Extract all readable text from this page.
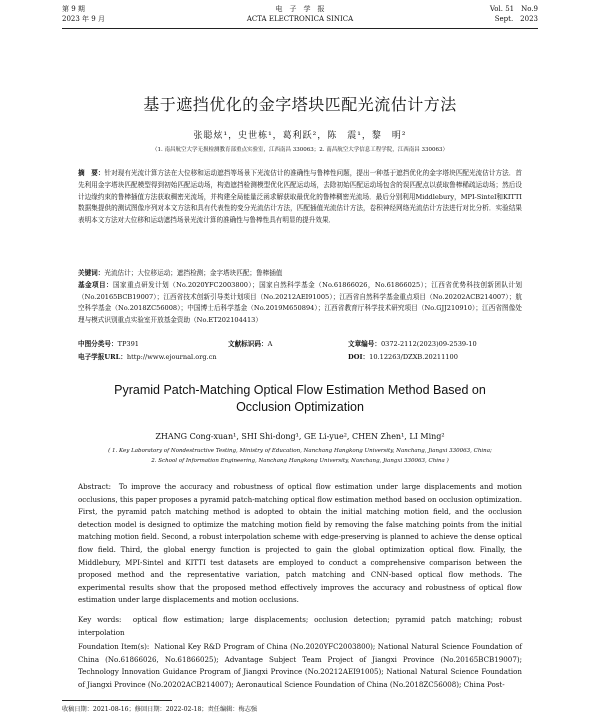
第 9 期
2023 年 9 月
电　子　学　报
ACTA ELECTRONICA SINICA
Vol. 51　No.9
Sept.　2023
基于遮挡优化的金字塔块匹配光流估计方法
张聪炫¹，史世栋¹，葛利跃²，陈　震¹，黎　明²
（1. 南昌航空大学无损检测教育部重点实验室，江西南昌 330063；2. 南昌航空大学信息工程学院，江西南昌 330063）
摘　要：针对现有光流计算方法在大位移和运动遮挡等场景下光流估计的准确性与鲁棒性问题，提出一种基于遮挡优化的金字塔块匹配光流估计方法．首先利用金字塔块匹配模型得到初始匹配运动场，构造遮挡检测模型优化匹配运动场，去除初始匹配运动场包含的误匹配点以获取鲁棒稀疏运动场；然后设计边缘约束的鲁棒插值方法获取稠密光流场，并构建全局能量泛函求解获取最优化的鲁棒稠密光流场．最后分别利用Middlebury，MPI-Sintel和KITTI数据集提供的测试图像序列对本文方法和具有代表性的变分光流估计方法，匹配插值光流估计方法，卷积神经网络光流估计方法进行对比分析．实验结果表明本文方法对大位移和运动遮挡场景光流计算的准确性与鲁棒性具有明显的提升效果．
关键词：光流估计；大位移运动；遮挡检测；金字塔块匹配；鲁棒插值
基金项目：国家重点研发计划（No.2020YFC2003800）；国家自然科学基金（No.61866026，No.61866025）；江西省优势科技创新团队计划（No.20165BCB19007）；江西省技术创新引导类计划项目（No.20212AEI91005）；江西省自然科学基金重点项目（No.20202ACB214007）；航空科学基金（No.2018ZC56008）；中国博士后科学基金（No.2019M650894）；江西省教育厅科学技术研究项目（No.GJJ210910）；江西省图像处理与模式识别重点实验室开放基金资助（No.ET202104413）
中图分类号：TP391	文献标识码：A	文章编号：0372-2112(2023)09-2539-10
电子学报URL：http://www.ejournal.org.cn	DOI：10.12263/DZXB.20211100
Pyramid Patch-Matching Optical Flow Estimation Method Based on
Occlusion Optimization
ZHANG Cong-xuan¹, SHI Shi-dong¹, GE Li-yue², CHEN Zhen¹, LI Ming²
( 1. Key Laboratory of Nondestructive Testing, Ministry of Education, Nanchang Hangkong University, Nanchang, Jiangxi 330063, China;
2. School of Information Engineering, Nanchang Hangkong University, Nanchang, Jiangxi 330063, China )
Abstract: To improve the accuracy and robustness of optical flow estimation under large displacements and motion occlusions, this paper proposes a pyramid patch-matching optical flow estimation method based on occlusion optimization. First, the pyramid patch matching method is adopted to obtain the initial matching motion field, and the occlusion detection model is designed to optimize the matching motion field by removing the false matching points from the initial matching motion field. Second, a robust interpolation scheme with edge-preserving is planned to achieve the dense optical flow field. Third, the global energy function is projected to gain the global optimization optical flow. Finally, the Middlebury, MPI-Sintel and KITTI test datasets are employed to conduct a comprehensive comparison between the proposed method and the representative variation, patch matching and CNN-based optical flow methods. The experimental results show that the proposed method effectively improves the accuracy and robustness of optical flow estimation under large displacements and motion occlusions.
Key words: optical flow estimation; large displacements; occlusion detection; pyramid patch matching; robust interpolation
Foundation Item(s): National Key R&D Program of China (No.2020YFC2003800); National Natural Science Foundation of China (No.61866026, No.61866025); Advantage Subject Team Project of Jiangxi Province (No.20165BCB19007); Technology Innovation Guidance Program of Jiangxi Province (No.20212AEI91005); National Natural Science Foundation of Jiangxi Province (No.20202ACB214007); Aeronautical Science Foundation of China (No.2018ZC56008); China Post-
收稿日期：2021-08-16；修回日期：2022-02-18；责任编辑：梅志强
